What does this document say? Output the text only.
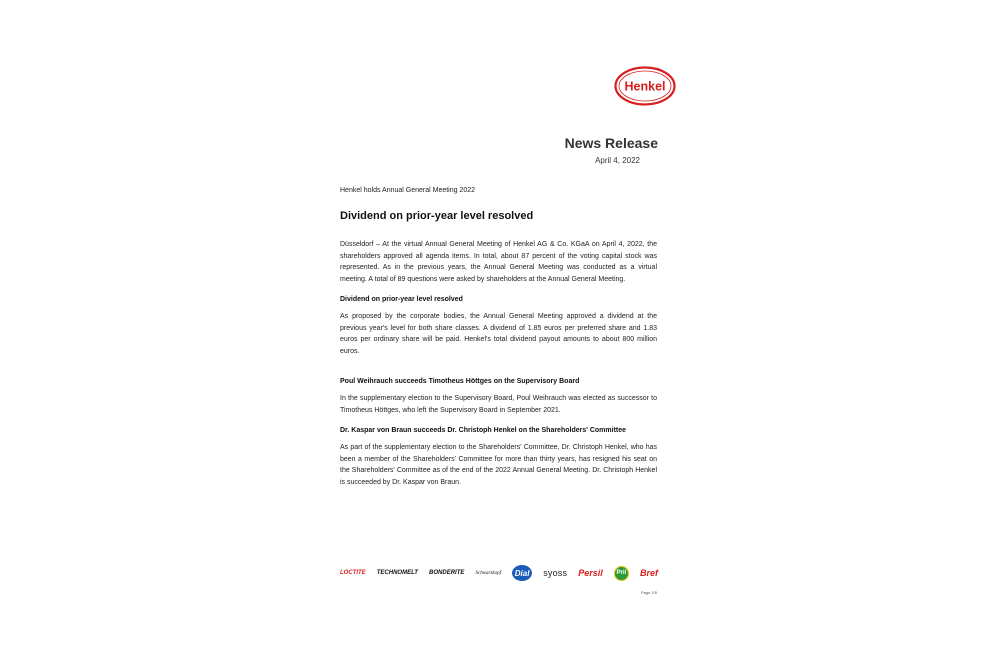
Henkel
News Release
April 4, 2022

Henkel holds Annual General Meeting 2022

Dividend on prior-year level resolved

Düsseldorf – At the virtual Annual General Meeting of Henkel AG & Co. KGaA on April 4, 2022, the shareholders approved all agenda items. In total, about 87 percent of the voting capital stock was represented. As in the previous years, the Annual General Meeting was conducted as a virtual meeting. A total of 89 questions were asked by shareholders at the Annual General Meeting.

Dividend on prior-year level resolved

As proposed by the corporate bodies, the Annual General Meeting approved a dividend at the previous year's level for both share classes. A dividend of 1.85 euros per preferred share and 1.83 euros per ordinary share will be paid. Henkel's total dividend payout amounts to about 800 million euros.

Poul Weihrauch succeeds Timotheus Höttges on the Supervisory Board

In the supplementary election to the Supervisory Board, Poul Weihrauch was elected as successor to Timotheus Höttges, who left the Supervisory Board in September 2021.

Dr. Kaspar von Braun succeeds Dr. Christoph Henkel on the Shareholders' Committee

As part of the supplementary election to the Shareholders' Committee, Dr. Christoph Henkel, who has been a member of the Shareholders' Committee for more than thirty years, has resigned his seat on the Shareholders' Committee as of the end of the 2022 Annual General Meeting. Dr. Christoph Henkel is succeeded by Dr. Kaspar von Braun.

LOCTITE TECHNOMELT BONDERITE Schwarzkopf	Dial syoss Persil	Pril Bref
Page 1/5
